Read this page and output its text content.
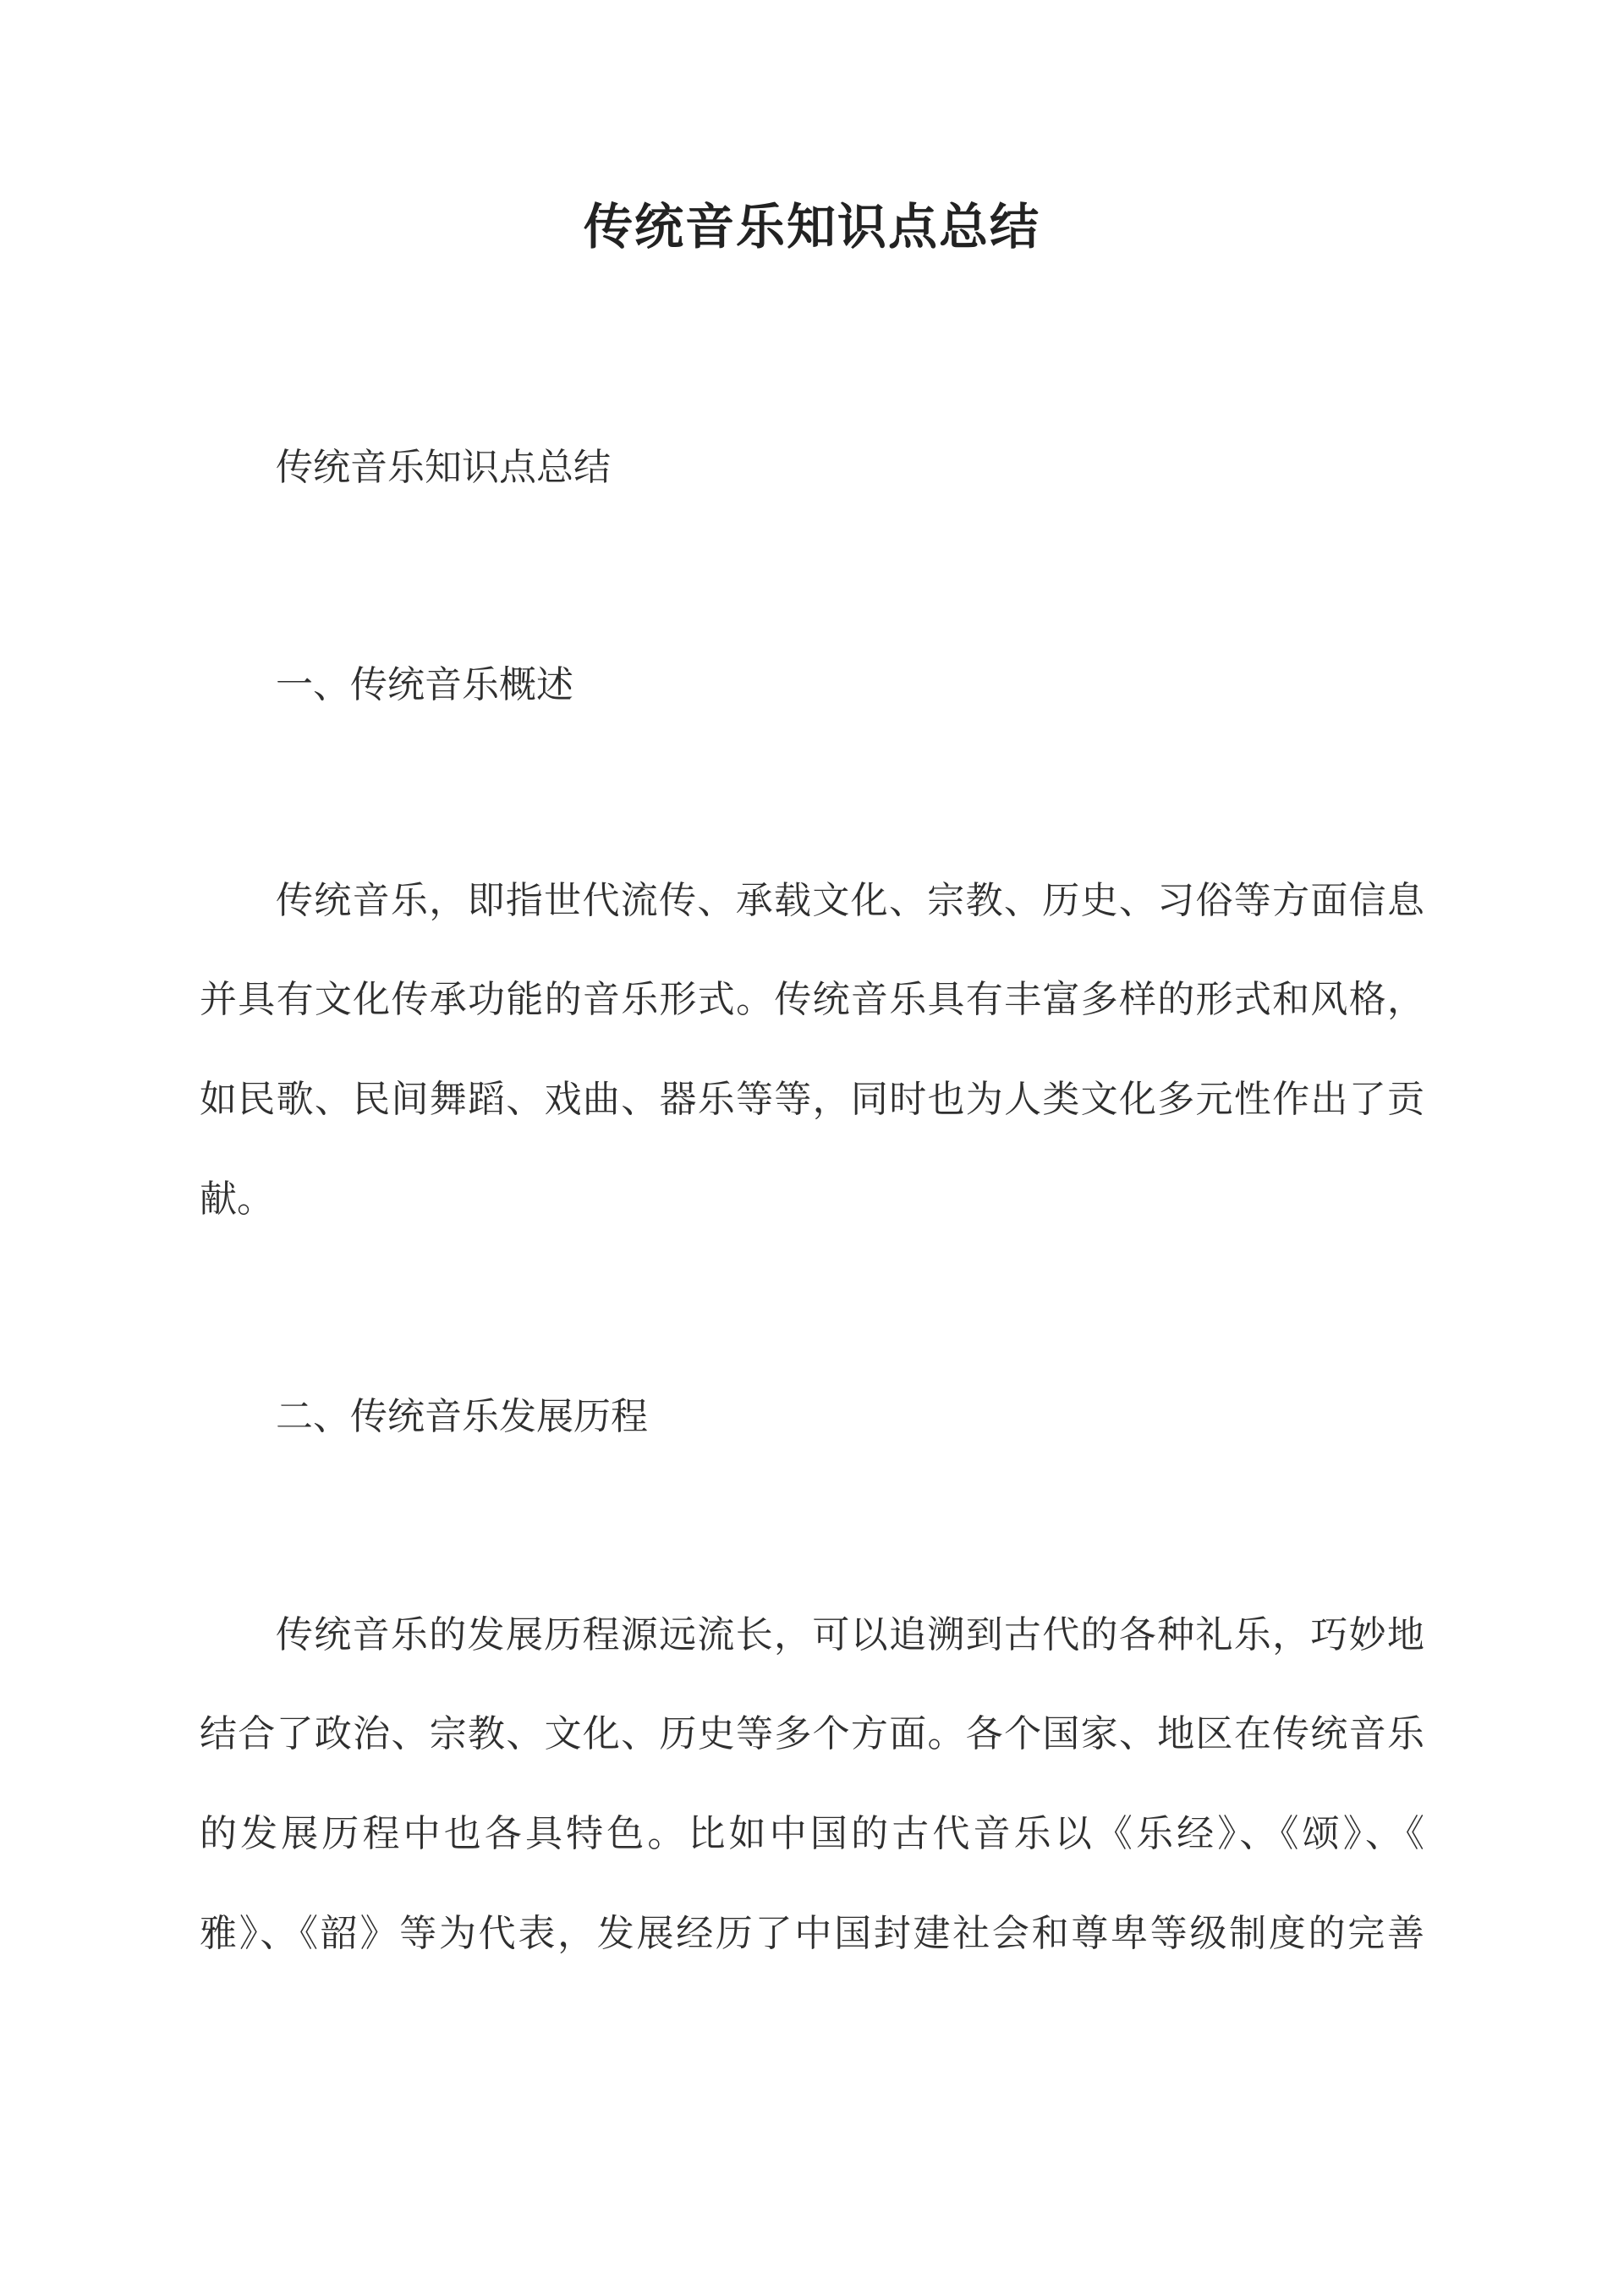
传统音乐知识点总结

传统音乐知识点总结

一、传统音乐概述

传统音乐，即指世代流传、承载文化、宗教、历史、习俗等方面信息

并具有文化传承功能的音乐形式。传统音乐具有丰富多样的形式和风格，

如民歌、民间舞蹈、戏曲、器乐等等，同时也为人类文化多元性作出了贡

献。

二、传统音乐发展历程

传统音乐的发展历程源远流长，可以追溯到古代的各种礼乐，巧妙地

结合了政治、宗教、文化、历史等多个方面。各个国家、地区在传统音乐

的发展历程中也各具特色。比如中国的古代音乐以《乐经》、《颂》、《

雅》、《韶》等为代表，发展经历了中国封建社会和尊卑等级制度的完善
